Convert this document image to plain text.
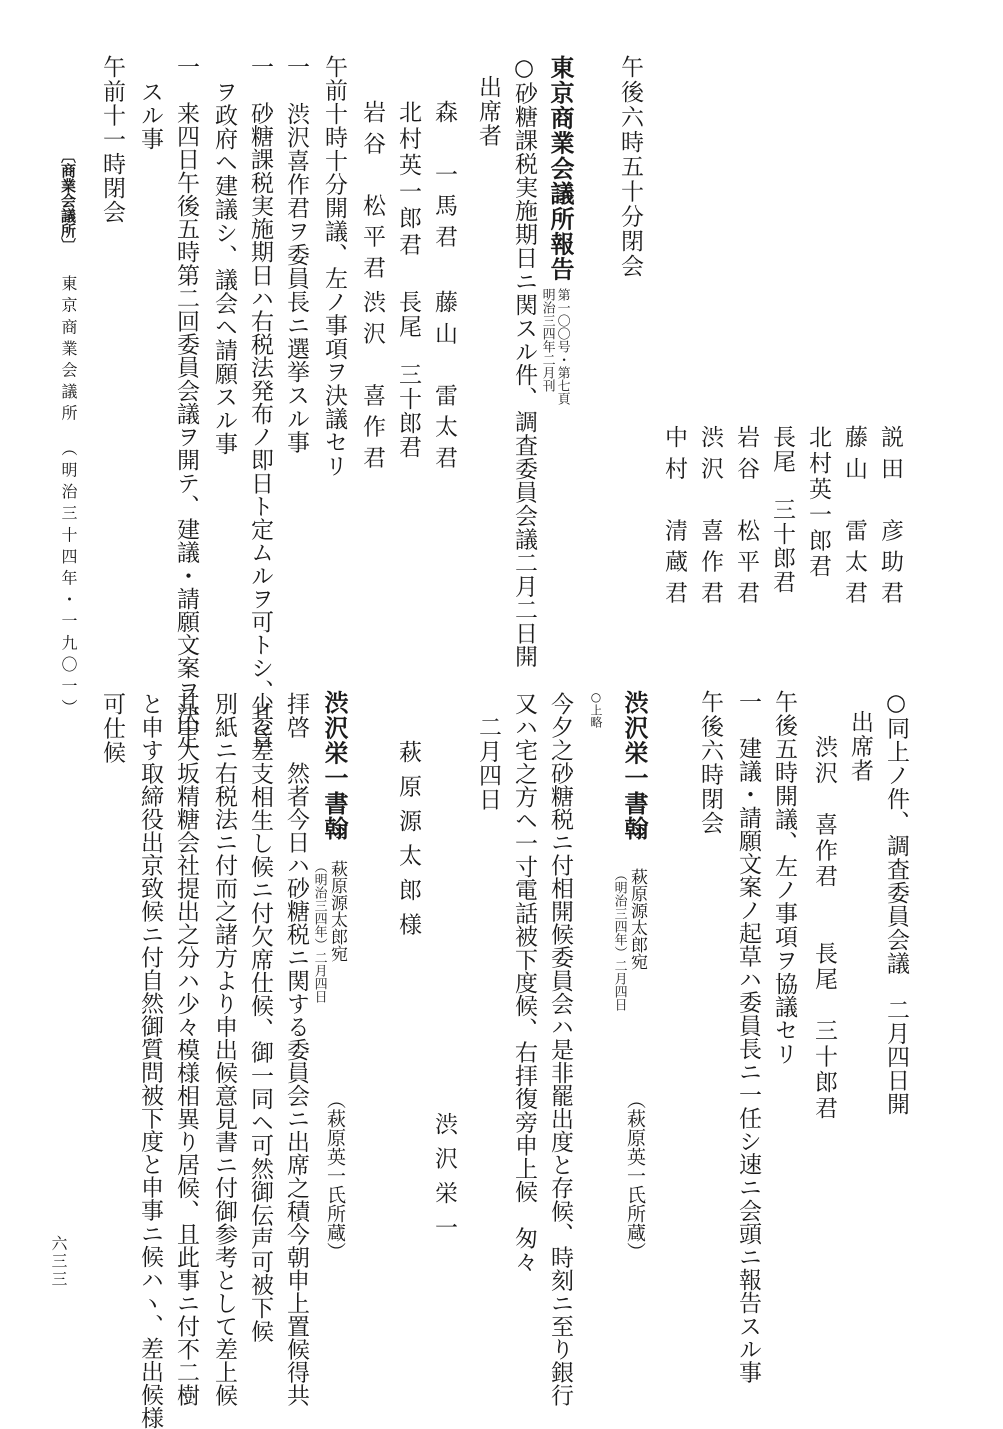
説田　彦助君
藤山　雷太君
北村英一郎君
長尾　三十郎君
岩谷　松平君
渋沢　喜作君
中村　清蔵君
午後六時五十分閉会
東京商業会議所報告
第一〇〇号・第七頁
明治三四年二月刊
○砂糖課税実施期日ニ関スル件、調査委員会議二月二日開
出席者
森　一馬君
藤山　雷太君
北村英一郎君
長尾　三十郎君
岩谷　松平君
渋沢　喜作君
午前十時十分開議、左ノ事項ヲ決議セリ
一　渋沢喜作君ヲ委員長ニ選挙スル事
一　砂糖課税実施期日ハ右税法発布ノ即日ト定ムルヲ可トシ、其旨
ヲ政府ヘ建議シ、議会ヘ請願スル事
一　来四日午後五時第二回委員会議ヲ開テ、建議・請願文案ヲ決定
スル事
午前十一時閉会
〔商業会議所〕
東京商業会議所　（明治三十四年・一九〇一）
○同上ノ件、調査委員会議　二月四日開
出席者
渋沢　喜作君　　長尾　三十郎君
午後五時開議、左ノ事項ヲ協議セリ
一　建議・請願文案ノ起草ハ委員長ニ一任シ速ニ会頭ニ報告スル事
午後六時閉会
渋沢栄一書翰
萩原源太郎宛
（明治三四年）二月四日
（萩原英一氏所蔵）
○上略
今夕之砂糖税ニ付相開候委員会ハ是非罷出度と存候、時刻ニ至り銀行
又ハ宅之方ヘ一寸電話被下度候、右拝復旁申上候　匆々
二月四日
渋沢栄一
萩原源太郎様
渋沢栄一書翰
萩原源太郎宛
（明治三四年）二月四日
（萩原英一氏所蔵）
拝啓　然者今日ハ砂糖税ニ関する委員会ニ出席之積今朝申上置候得共
少々差支相生し候ニ付欠席仕候、御一同ヘ可然御伝声可被下候
別紙ニ右税法ニ付而之諸方より申出候意見書ニ付御参考として差上候
其中大坂精糖会社提出之分ハ少々模様相異り居候、且此事ニ付不二樹
と申す取締役出京致候ニ付自然御質問被下度と申事ニ候ハヽ、差出候様
可仕候
六三三
